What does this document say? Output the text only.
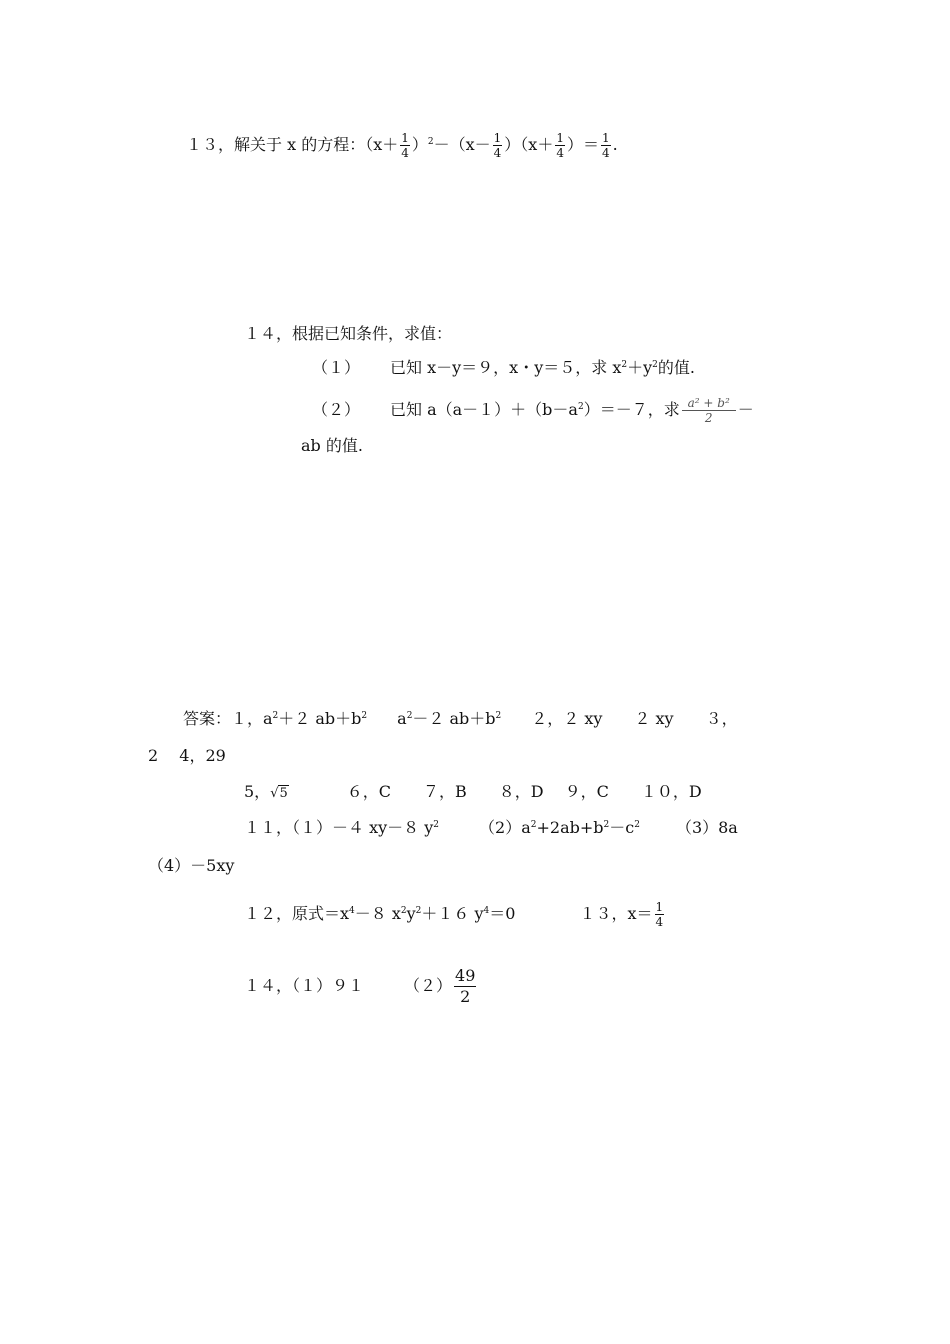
１３，解关于 x 的方程：$(x+ \frac{1}{4} )^2-(x- \frac{1}{4} )(x+ \frac{1}{4}$ ）＝ $\frac{1}{4}$ .
１４，根据已知条件，求值：
（１） 已知 x－y＝９，x・y＝５，求 $x^2+y^2$的值.
（２） 已知 $a(a-1)+(b-a^2)=-7$，求 $\frac{\text{a² + b²}}{2}$ －
ab 的值.
答案：１，$a^2+2$ $ab+b^2$ $a^2-2$ $ab+b^2$ ２，２ xy　　２ xy　　３，
2　 4，29
5，√5	６，C　　７，B　　８，D　 ９，C　　１０，D
１１，（１）－４ xy－８ $y^2$	$(2)a^2+2ab+b^2-c^2$ （3）8a
（4）－5xy
１２，原式$=x^4-8$ $x^2y^2+16$ $y^4=0$	１３，$x= \frac{1}{4}$
１４，（１）９１	$(2) \frac{49}{2}$
